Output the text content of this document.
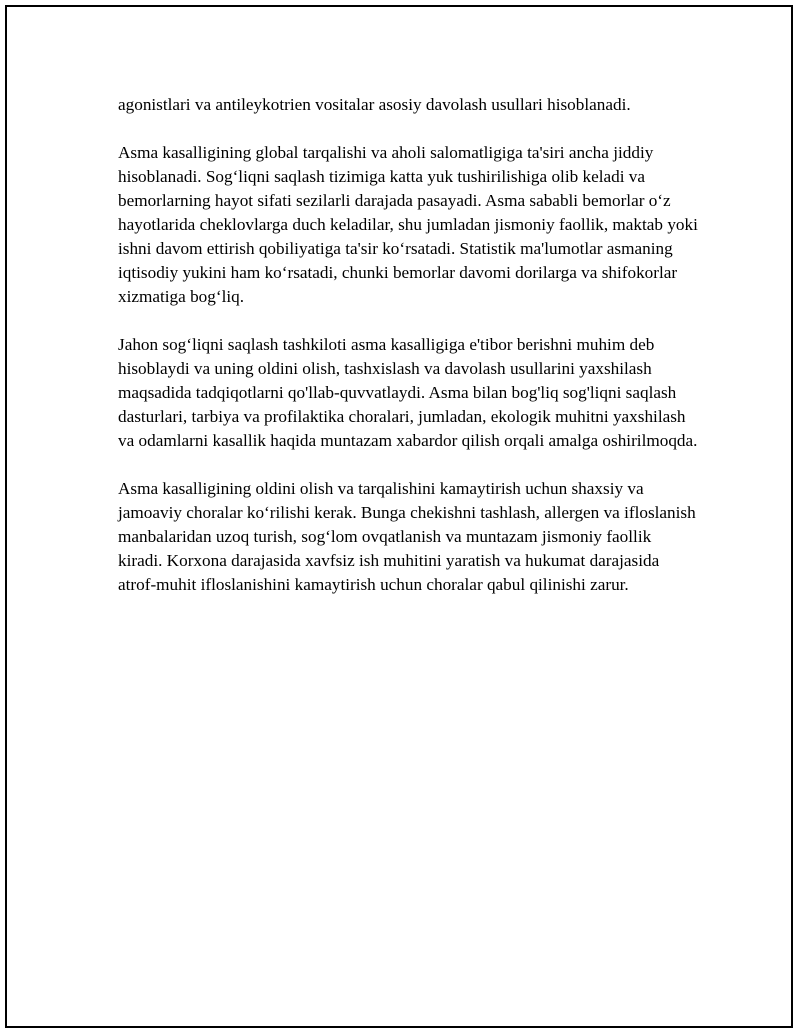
agonistlari va antileykotrien vositalar asosiy davolash usullari hisoblanadi.

Asma kasalligining global tarqalishi va aholi salomatligiga ta'siri ancha jiddiy hisoblanadi. Sog‘liqni saqlash tizimiga katta yuk tushirilishiga olib keladi va bemorlarning hayot sifati sezilarli darajada pasayadi. Asma sababli bemorlar o‘z hayotlarida cheklovlarga duch keladilar, shu jumladan jismoniy faollik, maktab yoki ishni davom ettirish qobiliyatiga ta'sir ko‘rsatadi. Statistik ma'lumotlar asmaning iqtisodiy yukini ham ko‘rsatadi, chunki bemorlar davomi dorilarga va shifokorlar xizmatiga bog‘liq.

Jahon sog‘liqni saqlash tashkiloti asma kasalligiga e'tibor berishni muhim deb hisoblaydi va uning oldini olish, tashxislash va davolash usullarini yaxshilash maqsadida tadqiqotlarni qo'llab-quvvatlaydi. Asma bilan bog'liq sog'liqni saqlash dasturlari, tarbiya va profilaktika choralari, jumladan, ekologik muhitni yaxshilash va odamlarni kasallik haqida muntazam xabardor qilish orqali amalga oshirilmoqda.

Asma kasalligining oldini olish va tarqalishini kamaytirish uchun shaxsiy va jamoaviy choralar ko‘rilishi kerak. Bunga chekishni tashlash, allergen va ifloslanish manbalaridan uzoq turish, sog‘lom ovqatlanish va muntazam jismoniy faollik kiradi. Korxona darajasida xavfsiz ish muhitini yaratish va hukumat darajasida atrof-muhit ifloslanishini kamaytirish uchun choralar qabul qilinishi zarur.
